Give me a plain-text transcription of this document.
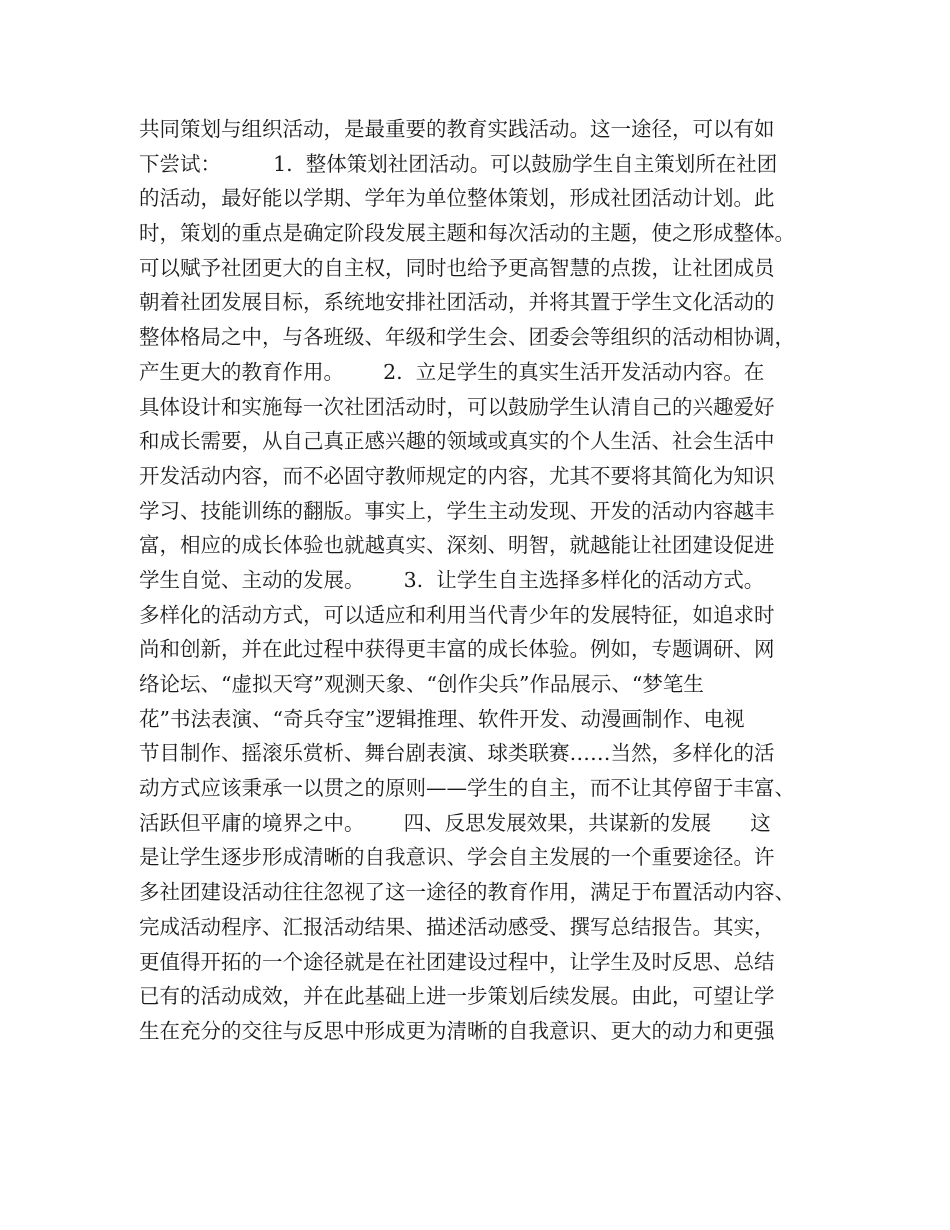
共同策划与组织活动，是最重要的教育实践活动。这一途径，可以有如
下尝试：        1.  整体策划社团活动。可以鼓励学生自主策划所在社团
的活动，最好能以学期、学年为单位整体策划，形成社团活动计划。此
时，策划的重点是确定阶段发展主题和每次活动的主题，使之形成整体。
可以赋予社团更大的自主权，同时也给予更高智慧的点拨，让社团成员
朝着社团发展目标，系统地安排社团活动，并将其置于学生文化活动的
整体格局之中，与各班级、年级和学生会、团委会等组织的活动相协调，
产生更大的教育作用。      2.  立足学生的真实生活开发活动内容。在
具体设计和实施每一次社团活动时，可以鼓励学生认清自己的兴趣爱好
和成长需要，从自己真正感兴趣的领域或真实的个人生活、社会生活中
开发活动内容，而不必固守教师规定的内容，尤其不要将其简化为知识
学习、技能训练的翻版。事实上，学生主动发现、开发的活动内容越丰
富，相应的成长体验也就越真实、深刻、明智，就越能让社团建设促进
学生自觉、主动的发展。      3.  让学生自主选择多样化的活动方式。
多样化的活动方式，可以适应和利用当代青少年的发展特征，如追求时
尚和创新，并在此过程中获得更丰富的成长体验。例如，专题调研、网
络论坛、“虚拟天穹”观测天象、“创作尖兵”作品展示、“梦笔生
花”书法表演、“奇兵夺宝”逻辑推理、软件开发、动漫画制作、电视
节目制作、摇滚乐赏析、舞台剧表演、球类联赛……当然，多样化的活
动方式应该秉承一以贯之的原则——学生的自主，而不让其停留于丰富、
活跃但平庸的境界之中。      四、反思发展效果，共谋新的发展      这
是让学生逐步形成清晰的自我意识、学会自主发展的一个重要途径。许
多社团建设活动往往忽视了这一途径的教育作用，满足于布置活动内容、
完成活动程序、汇报活动结果、描述活动感受、撰写总结报告。其实，
更值得开拓的一个途径就是在社团建设过程中，让学生及时反思、总结
已有的活动成效，并在此基础上进一步策划后续发展。由此，可望让学
生在充分的交往与反思中形成更为清晰的自我意识、更大的动力和更强
